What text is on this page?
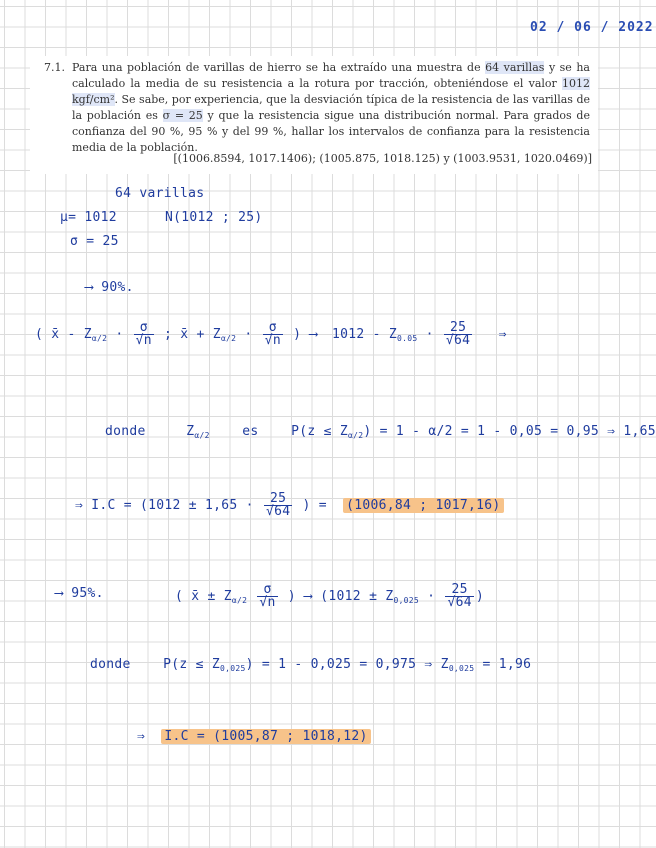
02 / 06 / 2022
7.1. Para una población de varillas de hierro se ha extraído una muestra de 64 varillas y se ha calculado la media de su resistencia a la rotura por tracción, obteniéndose el valor 1012 kgf/cm². Se sabe, por experiencia, que la desviación típica de la resistencia de las varillas de la población es σ = 25 y que la resistencia sigue una distribución normal. Para grados de confianza del 90 %, 95 % y del 99 %, hallar los intervalos de confianza para la resistencia media de la población.
[(1006.8594, 1017.1406); (1005.875, 1018.125) y (1003.9531, 1020.0469)]
64 varillas
μ= 1012	N(1012 ; 25)
σ = 25
⟶ 90%.
( x̄ - $Z_{\alpha/2} \cdot \frac{\sigma}{√n}$ ; x̄ + $Z_{\alpha/2} \cdot \frac{\sigma}{√n}$ ) ⟶ $1012 - Z_{0.05} \cdot \frac{25}{√64}$ ⇒
donde	$Z_{\alpha/2}$	es	$P(z \le Z_{\alpha/2}) = 1 - \alpha/2 = 1 - 0,05 = 0,95$ ⇒ 1,65
⇒ $I.C = (1012 \pm 1,65 \cdot \frac{25}{√64}$ ) = (1006,84 ; 1017,16)
⟶ 95%.	( x̄ ± $Z_{\alpha/2} \frac{\sigma}{√n}$ ) ⟶ ($1012 \pm Z_{0,025} \cdot \frac{25}{√64}$ )
donde	$P(z \le Z_{0,025}) = 1 - 0,025 = 0,975$ ⇒ $Z_{0,025} = 1,96$
⇒ I.C = (1005,87 ; 1018,12)
